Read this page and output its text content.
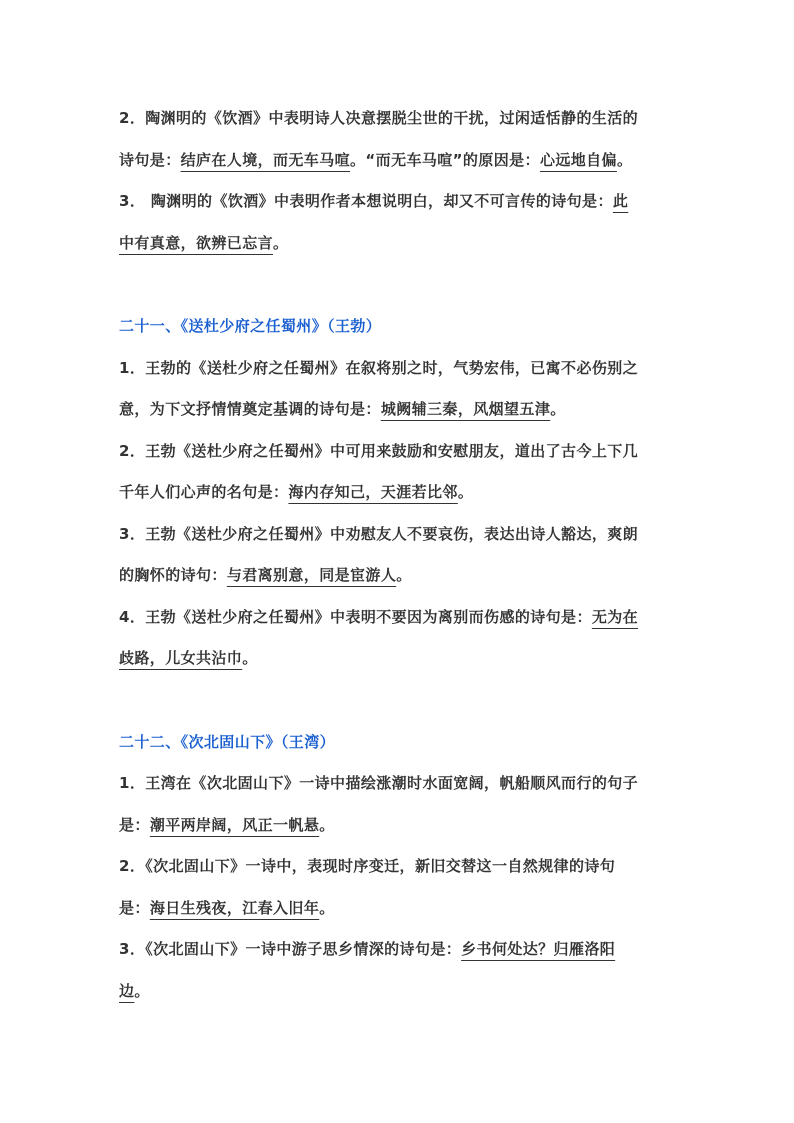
2．陶渊明的《饮酒》中表明诗人决意摆脱尘世的干扰，过闲适恬静的生活的
诗句是：结庐在人境，而无车马喧。“而无车马喧”的原因是：心远地自偏。
3． 陶渊明的《饮酒》中表明作者本想说明白，却又不可言传的诗句是：此
中有真意，欲辨已忘言。
二十一、《送杜少府之任蜀州》（王勃）
1．王勃的《送杜少府之任蜀州》在叙将别之时，气势宏伟，已寓不必伤别之
意，为下文抒情情奠定基调的诗句是：城阙辅三秦，风烟望五津。
2．王勃《送杜少府之任蜀州》中可用来鼓励和安慰朋友，道出了古今上下几
千年人们心声的名句是：海内存知己，天涯若比邻。
3．王勃《送杜少府之任蜀州》中劝慰友人不要哀伤，表达出诗人豁达，爽朗
的胸怀的诗句：与君离别意，同是宦游人。
4．王勃《送杜少府之任蜀州》中表明不要因为离别而伤感的诗句是：无为在
歧路，儿女共沾巾。
二十二、《次北固山下》（王湾）
1．王湾在《次北固山下》一诗中描绘涨潮时水面宽阔，帆船顺风而行的句子
是：潮平两岸阔，风正一帆悬。
2．《次北固山下》一诗中，表现时序变迁，新旧交替这一自然规律的诗句
是：海日生残夜，江春入旧年。
3．《次北固山下》一诗中游子思乡情深的诗句是：乡书何处达？归雁洛阳
边。
